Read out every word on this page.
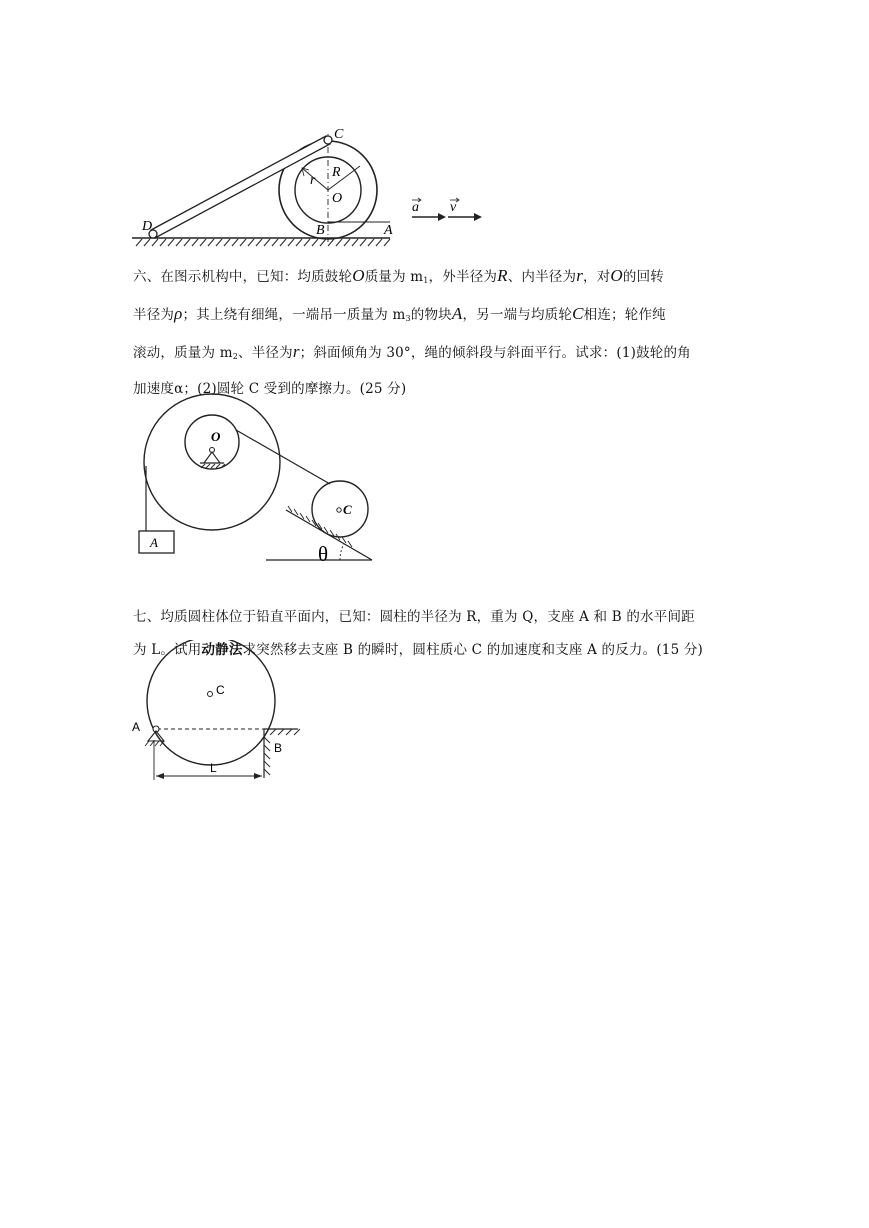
C
r
R
O
D	B	A
a v

六、在图示机构中，已知：均质鼓轮O质量为 $m_1$，外半径为R、内半径为r，对O的回转

半径为ρ；其上绕有细绳，一端吊一质量为 $m_3$的物块A，另一端与均质轮C相连；轮作纯

滚动，质量为 $m_2$、半径为r；斜面倾角为 30°，绳的倾斜段与斜面平行。试求：(1)鼓轮的角

加速度α；(2)圆轮 C 受到的摩擦力。(25 分)

O
A
C
θ

七、均质圆柱体位于铅直平面内，已知：圆柱的半径为 R，重为 Q，支座 A 和 B 的水平间距

为 L。试用动静法求突然移去支座 B 的瞬时，圆柱质心 C 的加速度和支座 A 的反力。(15 分)

C
A
B
L
